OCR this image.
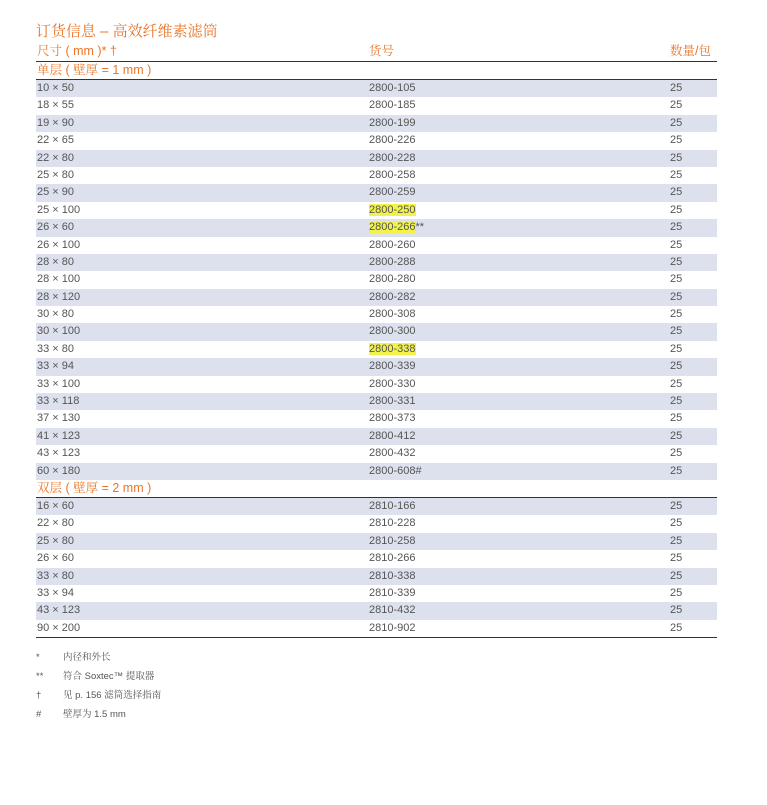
订货信息 – 高效纤维素滤筒
尺寸 ( mm )* †	货号	数量/包
单层 ( 壁厚 = 1 mm )
10 × 50	2800-105	25
18 × 55	2800-185	25
19 × 90	2800-199	25
22 × 65	2800-226	25
22 × 80	2800-228	25
25 × 80	2800-258	25
25 × 90	2800-259	25
25 × 100	2800-250	25
26 × 60	2800-266**	25
26 × 100	2800-260	25
28 × 80	2800-288	25
28 × 100	2800-280	25
28 × 120	2800-282	25
30 × 80	2800-308	25
30 × 100	2800-300	25
33 × 80	2800-338	25
33 × 94	2800-339	25
33 × 100	2800-330	25
33 × 118	2800-331	25
37 × 130	2800-373	25
41 × 123	2800-412	25
43 × 123	2800-432	25
60 × 180	2800-608#	25
双层 ( 壁厚 = 2 mm )
16 × 60	2810-166	25
22 × 80	2810-228	25
25 × 80	2810-258	25
26 × 60	2810-266	25
33 × 80	2810-338	25
33 × 94	2810-339	25
43 × 123	2810-432	25
90 × 200	2810-902	25
* 内径和外长
** 符合 Soxtec™ 提取器
† 见 p. 156 滤筒选择指南
# 壁厚为 1.5 mm
